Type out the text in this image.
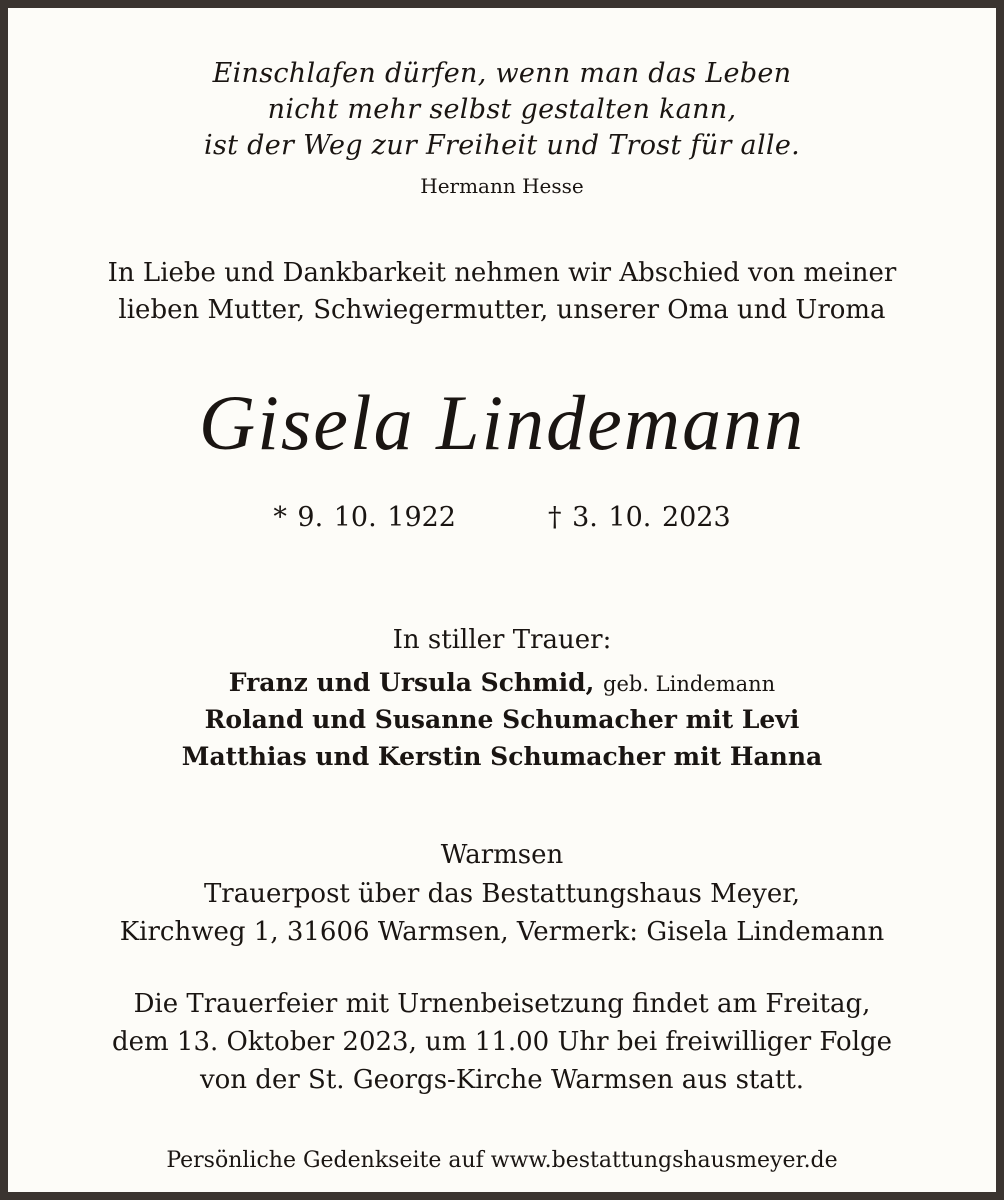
Einschlafen dürfen, wenn man das Leben
nicht mehr selbst gestalten kann,
ist der Weg zur Freiheit und Trost für alle.
Hermann Hesse
In Liebe und Dankbarkeit nehmen wir Abschied von meiner
lieben Mutter, Schwiegermutter, unserer Oma und Uroma
Gisela Lindemann
* 9. 10. 1922	† 3. 10. 2023
In stiller Trauer:
Franz und Ursula Schmid, geb. Lindemann
Roland und Susanne Schumacher mit Levi
Matthias und Kerstin Schumacher mit Hanna
Warmsen
Trauerpost über das Bestattungshaus Meyer,
Kirchweg 1, 31606 Warmsen, Vermerk: Gisela Lindemann
Die Trauerfeier mit Urnenbeisetzung findet am Freitag,
dem 13. Oktober 2023, um 11.00 Uhr bei freiwilliger Folge
von der St. Georgs-Kirche Warmsen aus statt.
Persönliche Gedenkseite auf www.bestattungshausmeyer.de
